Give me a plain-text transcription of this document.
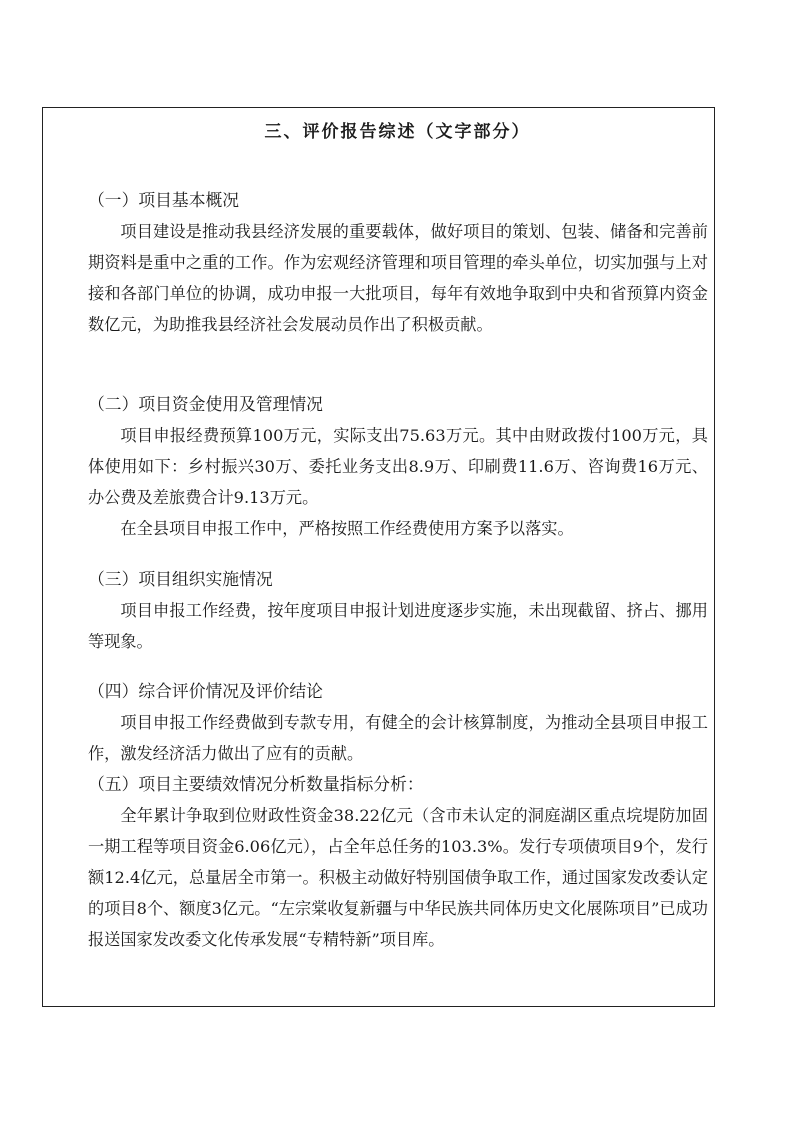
三、评价报告综述（文字部分）
（一）项目基本概况

项目建设是推动我县经济发展的重要载体，做好项目的策划、包装、储备和完善前期资料是重中之重的工作。作为宏观经济管理和项目管理的牵头单位，切实加强与上对接和各部门单位的协调，成功申报一大批项目，每年有效地争取到中央和省预算内资金数亿元，为助推我县经济社会发展动员作出了积极贡献。

（二）项目资金使用及管理情况

项目申报经费预算100万元，实际支出75.63万元。其中由财政拨付100万元，具体使用如下：乡村振兴30万、委托业务支出8.9万、印刷费11.6万、咨询费16万元、办公费及差旅费合计9.13万元。

在全县项目申报工作中，严格按照工作经费使用方案予以落实。

（三）项目组织实施情况

项目申报工作经费，按年度项目申报计划进度逐步实施，未出现截留、挤占、挪用等现象。

（四）综合评价情况及评价结论

项目申报工作经费做到专款专用，有健全的会计核算制度，为推动全县项目申报工作，激发经济活力做出了应有的贡献。

（五）项目主要绩效情况分析数量指标分析：

全年累计争取到位财政性资金38.22亿元（含市未认定的洞庭湖区重点垸堤防加固一期工程等项目资金6.06亿元），占全年总任务的103.3%。发行专项债项目9个，发行额12.4亿元，总量居全市第一。积极主动做好特别国债争取工作，通过国家发改委认定的项目8个、额度3亿元。“左宗棠收复新疆与中华民族共同体历史文化展陈项目”已成功报送国家发改委文化传承发展“专精特新”项目库。
